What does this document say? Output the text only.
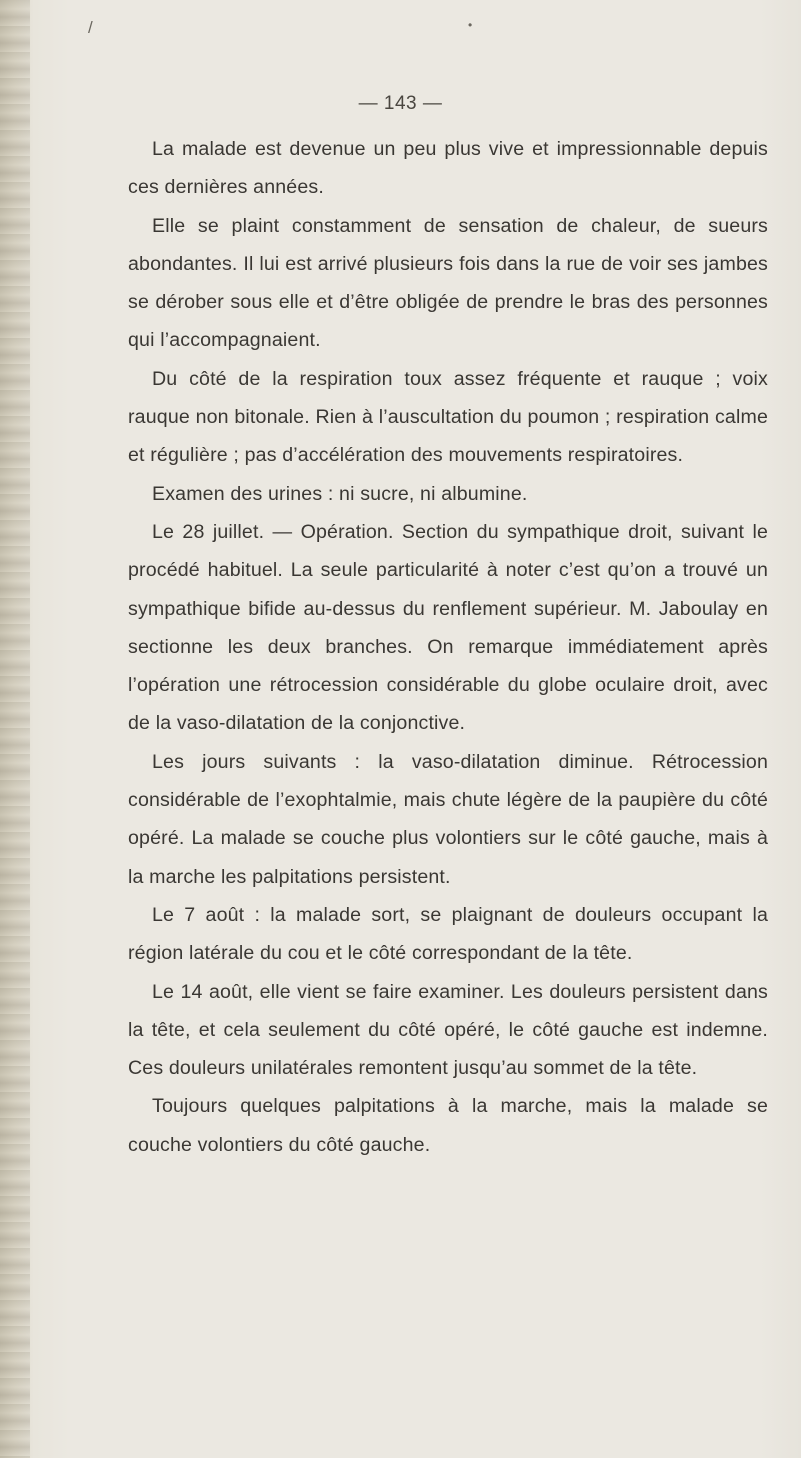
/	•
— 143 —

La malade est devenue un peu plus vive et impressionnable depuis ces dernières années.

Elle se plaint constamment de sensation de chaleur, de sueurs abondantes. Il lui est arrivé plusieurs fois dans la rue de voir ses jambes se dérober sous elle et d’être obligée de prendre le bras des personnes qui l’accompagnaient.

Du côté de la respiration toux assez fréquente et rauque ; voix rauque non bitonale. Rien à l’auscultation du poumon ; respiration calme et régulière ; pas d’accélération des mouvements respiratoires.

Examen des urines : ni sucre, ni albumine.

Le 28 juillet. — Opération. Section du sympathique droit, suivant le procédé habituel. La seule particularité à noter c’est qu’on a trouvé un sympathique bifide au-dessus du renflement supérieur. M. Jaboulay en sectionne les deux branches. On remarque immédiatement après l’opération une rétrocession considérable du globe oculaire droit, avec de la vaso-dilatation de la conjonctive.

Les jours suivants : la vaso-dilatation diminue. Rétrocession considérable de l’exophtalmie, mais chute légère de la paupière du côté opéré. La malade se couche plus volontiers sur le côté gauche, mais à la marche les palpitations persistent.

Le 7 août : la malade sort, se plaignant de douleurs occupant la région latérale du cou et le côté correspondant de la tête.

Le 14 août, elle vient se faire examiner. Les douleurs persistent dans la tête, et cela seulement du côté opéré, le côté gauche est indemne. Ces douleurs unilatérales remontent jusqu’au sommet de la tête.

Toujours quelques palpitations à la marche, mais la malade se couche volontiers du côté gauche.
